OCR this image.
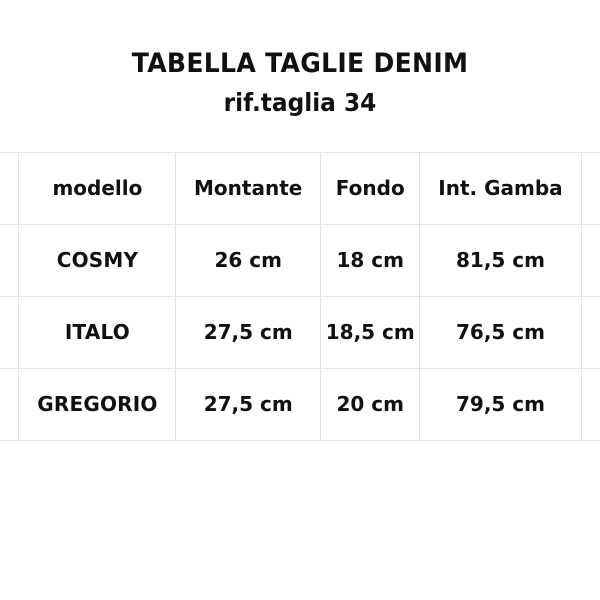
TABELLA TAGLIE DENIM
rif.taglia 34
	modello	Montante	Fondo	Int. Gamba	
	COSMY	26 cm	18 cm	81,5 cm	
	ITALO	27,5 cm	18,5 cm	76,5 cm	
	GREGORIO	27,5 cm	20 cm	79,5 cm	
